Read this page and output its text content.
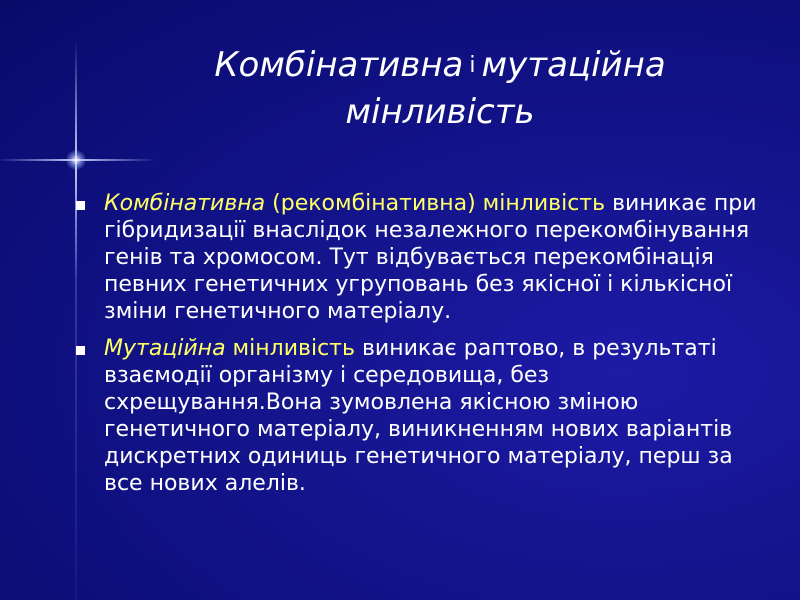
Комбінативна і мутаційна мінливість
Комбінативна (рекомбінативна) мінливість виникає при гібридизації внаслідок незалежного перекомбінування генів та хромосом. Тут відбувається перекомбінація певних генетичних угруповань без якісної і кількісної зміни генетичного матеріалу.
Мутаційна мінливість виникає раптово, в результаті взаємодії організму і середовища, без схрещування.Вона зумовлена якісною зміною генетичного матеріалу, виникненням нових варіантів дискретних одиниць генетичного матеріалу, перш за все нових алелів.
